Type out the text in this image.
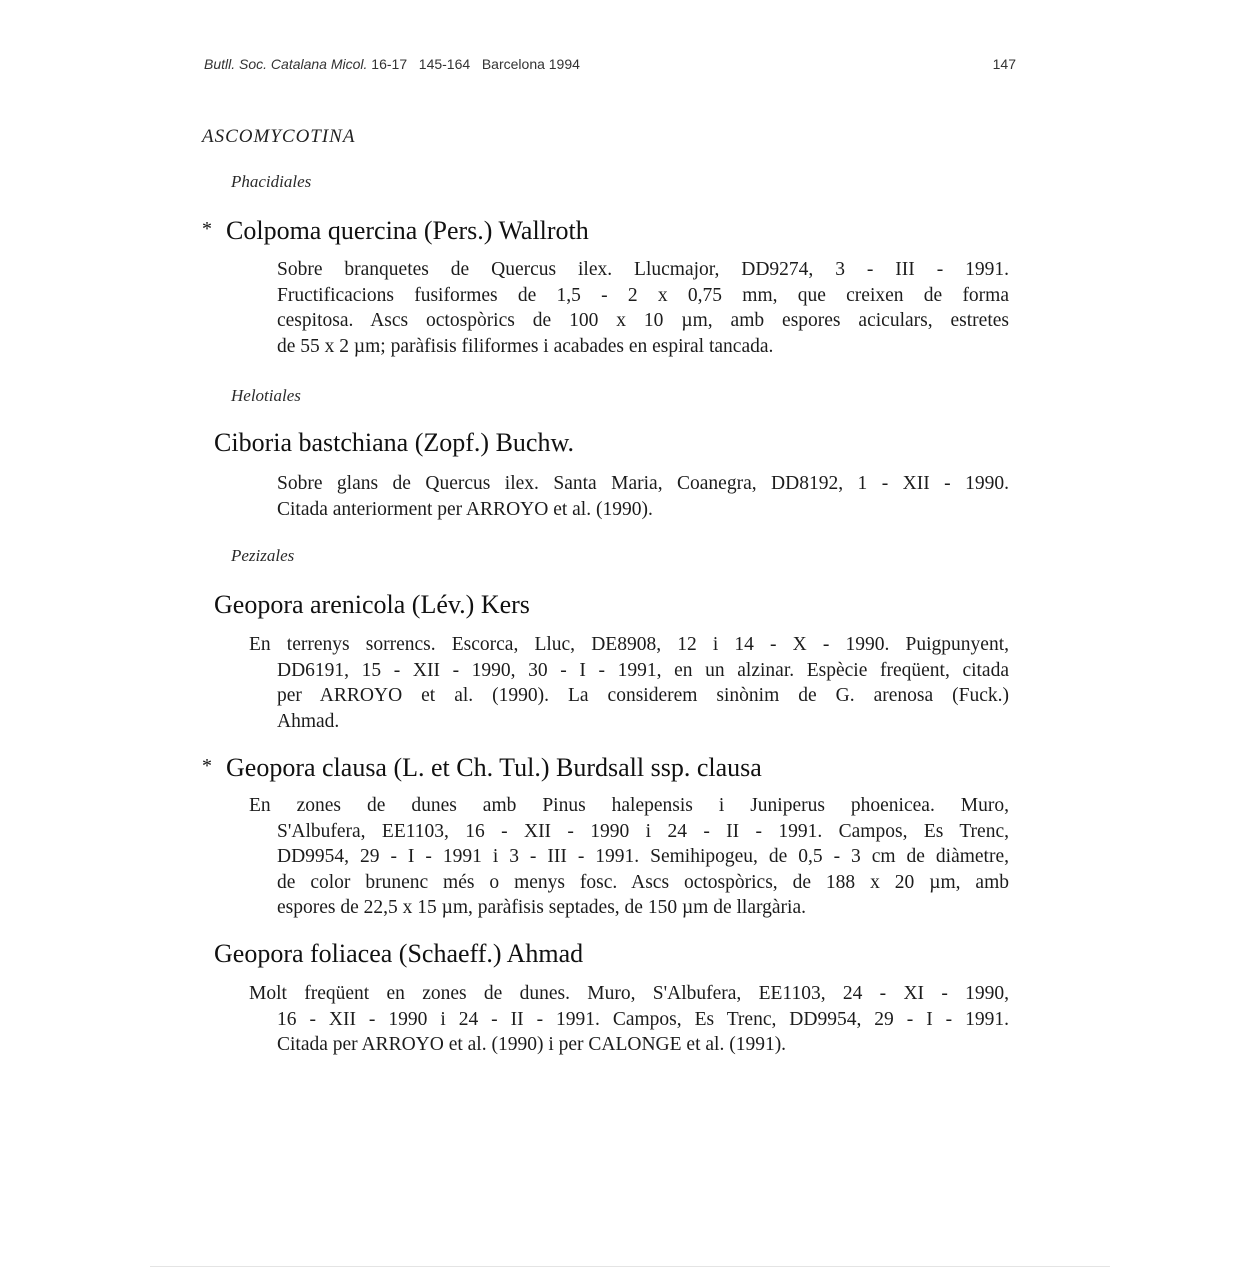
Butll. Soc. Catalana Micol. 16-17 145-164 Barcelona 1994	147
ASCOMYCOTINA
Phacidiales
* Colpoma quercina (Pers.) Wallroth
Sobre branquetes de Quercus ilex. Llucmajor, DD9274, 3 - III - 1991.
Fructificacions fusiformes de 1,5 - 2 x 0,75 mm, que creixen de forma
cespitosa. Ascs octospòrics de 100 x 10 µm, amb espores aciculars, estretes
de 55 x 2 µm; paràfisis filiformes i acabades en espiral tancada.
Helotiales
Ciboria bastchiana (Zopf.) Buchw.
Sobre glans de Quercus ilex. Santa Maria, Coanegra, DD8192, 1 - XII - 1990.
Citada anteriorment per ARROYO et al. (1990).
Pezizales
Geopora arenicola (Lév.) Kers
En terrenys sorrencs. Escorca, Lluc, DE8908, 12 i 14 - X - 1990. Puigpunyent,
DD6191, 15 - XII - 1990, 30 - I - 1991, en un alzinar. Espècie freqüent, citada
per ARROYO et al. (1990). La considerem sinònim de G. arenosa (Fuck.)
Ahmad.
* Geopora clausa (L. et Ch. Tul.) Burdsall ssp. clausa
En zones de dunes amb Pinus halepensis i Juniperus phoenicea. Muro,
S'Albufera, EE1103, 16 - XII - 1990 i 24 - II - 1991. Campos, Es Trenc,
DD9954, 29 - I - 1991 i 3 - III - 1991. Semihipogeu, de 0,5 - 3 cm de diàmetre,
de color brunenc més o menys fosc. Ascs octospòrics, de 188 x 20 µm, amb
espores de 22,5 x 15 µm, paràfisis septades, de 150 µm de llargària.
Geopora foliacea (Schaeff.) Ahmad
Molt freqüent en zones de dunes. Muro, S'Albufera, EE1103, 24 - XI - 1990,
16 - XII - 1990 i 24 - II - 1991. Campos, Es Trenc, DD9954, 29 - I - 1991.
Citada per ARROYO et al. (1990) i per CALONGE et al. (1991).
